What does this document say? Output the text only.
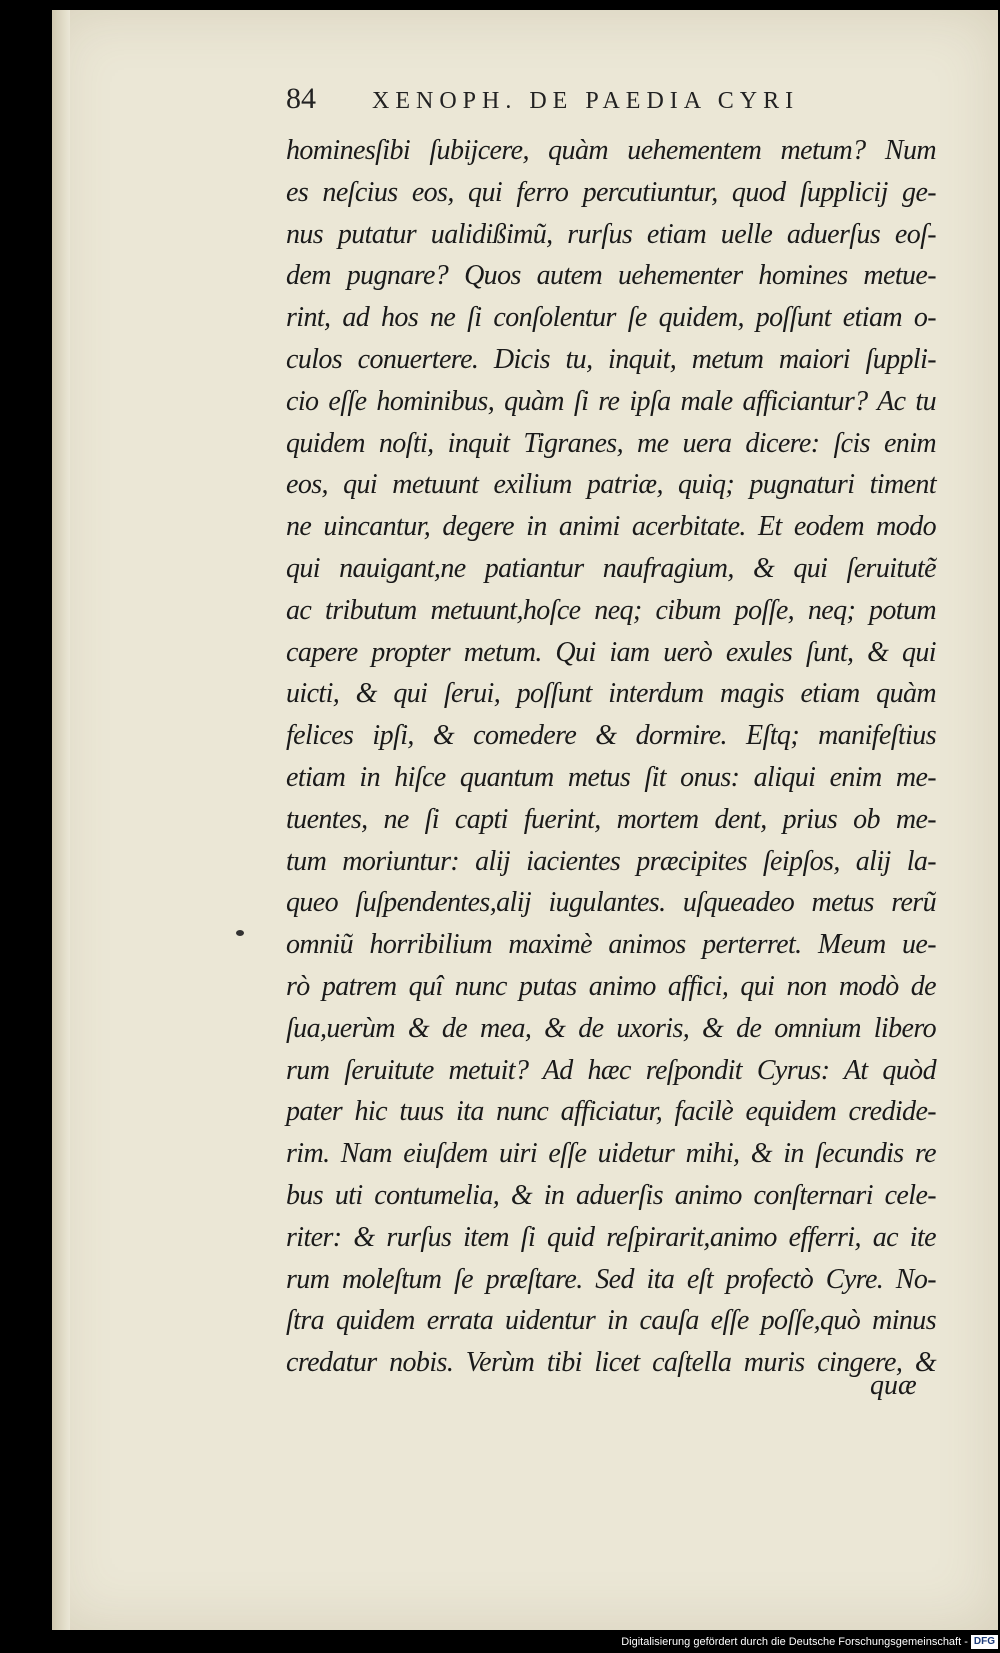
84 XENOPH. DE PAEDIA CYRI
hominesſibi ſubijcere, quàm uehementem metum? Num
es neſcius eos, qui ferro percutiuntur, quod ſupplicij ge-
nus putatur ualidißimũ, rurſus etiam uelle aduerſus eoſ-
dem pugnare? Quos autem uehementer homines metue-
rint, ad hos ne ſi conſolentur ſe quidem, poſſunt etiam o-
culos conuertere. Dicis tu, inquit, metum maiori ſuppli-
cio eſſe hominibus, quàm ſi re ipſa male afficiantur? Ac tu
quidem noſti, inquit Tigranes, me uera dicere: ſcis enim
eos, qui metuunt exilium patriæ, quiq; pugnaturi timent
ne uincantur, degere in animi acerbitate. Et eodem modo
qui nauigant,ne patiantur naufragium, & qui ſeruitutẽ
ac tributum metuunt,hoſce neq; cibum poſſe, neq; potum
capere propter metum. Qui iam uerò exules ſunt, & qui
uicti, & qui ſerui, poſſunt interdum magis etiam quàm
felices ipſi, & comedere & dormire. Eſtq; manifeſtius
etiam in hiſce quantum metus ſit onus: aliqui enim me-
tuentes, ne ſi capti fuerint, mortem dent, prius ob me-
tum moriuntur: alij iacientes præcipites ſeipſos, alij la-
queo ſuſpendentes,alij iugulantes. uſqueadeo metus rerũ
omniũ horribilium maximè animos perterret. Meum ue-
rò patrem quî nunc putas animo affici, qui non modò de
ſua,uerùm & de mea, & de uxoris, & de omnium libero
rum ſeruitute metuit? Ad hæc reſpondit Cyrus: At quòd
pater hic tuus ita nunc afficiatur, facilè equidem credide-
rim. Nam eiuſdem uiri eſſe uidetur mihi, & in ſecundis re
bus uti contumelia, & in aduerſis animo conſternari cele-
riter: & rurſus item ſi quid reſpirarit,animo efferri, ac ite
rum moleſtum ſe præſtare. Sed ita eſt profectò Cyre. No-
ſtra quidem errata uidentur in cauſa eſſe poſſe,quò minus
credatur nobis. Verùm tibi licet caſtella muris cingere, &
quæ
Digitalisierung gefördert durch die Deutsche Forschungsgemeinschaft - DFG
